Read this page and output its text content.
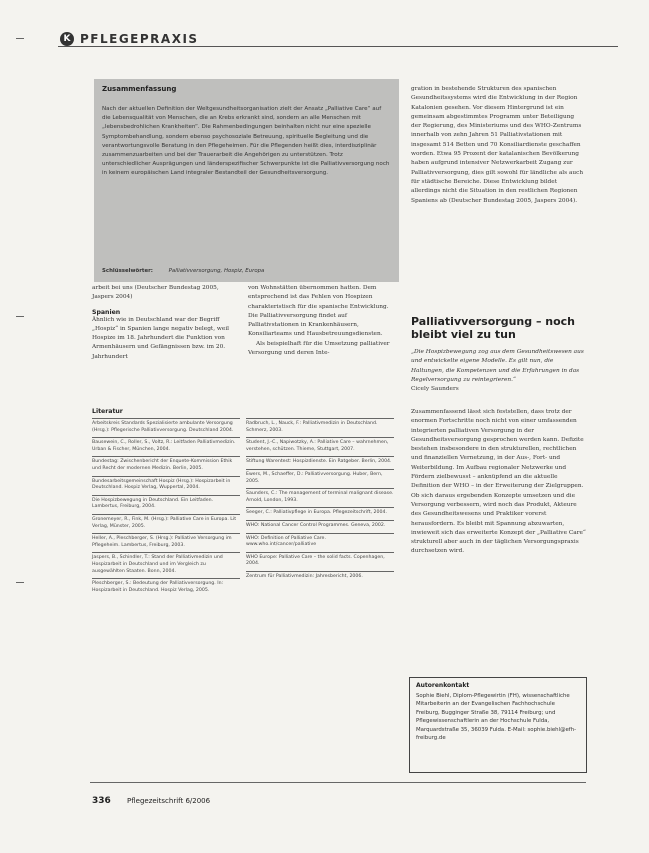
K PFLEGEPRAXIS
Zusammenfassung
Nach der aktuellen Definition der Weltgesundheitsorganisation zielt der Ansatz „Palliative Care“ auf die Lebensqualität von Menschen, die an Krebs erkrankt sind, sondern an alle Menschen mit „lebensbedrohlichen Krankheiten“. Die Rahmenbedingungen beinhalten nicht nur eine spezielle Symptombehandlung, sondern ebenso psychosoziale Betreuung, spirituelle Begleitung und die verantwortungsvolle Beratung in den Pflegeheimen. Für die Pflegenden heißt dies, interdisziplinär zusammenzuarbeiten und bei der Trauerarbeit die Angehörigen zu unterstützen. Trotz unterschiedlicher Ausprägungen und länderspezifischer Schwerpunkte ist die Palliativversorgung noch in keinem europäischen Land integraler Bestandteil der Gesundheitsversorgung.
Schlüsselwörter:	Palliativversorgung, Hospiz, Europa

arbeit bei uns (Deutscher Bundestag 2005, Jaspers 2004)

Spanien

Ähnlich wie in Deutschland war der Begriff „Hospiz“ in Spanien lange negativ belegt, weil Hospize im 18. Jahrhundert die Funktion von Armenhäusern und Gefängnissen bzw. im 20. Jahrhundert

von Wohnstätten übernommen hatten. Dem entsprechend ist das Fehlen von Hospizen charakteristisch für die spanische Entwicklung. Die Palliativversorgung findet auf Palliativstationen in Krankenhäusern, Konsiliarteams und Hausbetreuungsdiensten.

Als beispielhaft für die Umsetzung palliativer Versorgung und deren Inte-

gration in bestehende Strukturen des spanischen Gesundheitssystems wird die Entwicklung in der Region Katalonien gesehen. Vor diesem Hintergrund ist ein gemeinsam abgestimmtes Programm unter Beteiligung der Regierung, des Ministeriums und des WHO-Zentrums innerhalb von zehn Jahren 51 Palliativstationen mit insgesamt 514 Betten und 70 Konsiliardienste geschaffen worden. Etwa 95 Prozent der katalanischen Bevölkerung haben aufgrund intensiver Netzwerkarbeit Zugang zur Palliativversorgung, dies gilt sowohl für ländliche als auch für städtische Bereiche. Diese Entwicklung bildet allerdings nicht die Situation in den restlichen Regionen Spaniens ab (Deutscher Bundestag 2005, Jaspers 2004).

Palliativversorgung – noch bleibt viel zu tun
„Die Hospizbewegung zog aus dem Gesundheitswesen aus und entwickelte eigene Modelle. Es gilt nun, die Haltungen, die Kompetenzen und die Erfahrungen in das Regelversorgung zu reintegrieren.“
Cicely Saunders

Zusammenfassend lässt sich feststellen, dass trotz der enormen Fortschritte noch nicht von einer umfassenden integrierten palliativen Versorgung in der Gesundheitsversorgung gesprochen werden kann. Defizite bestehen insbesondere in den strukturellen, rechtlichen und finanziellen Vernetzung, in der Aus-, Fort- und Weiterbildung. Im Aufbau regionaler Netzwerke und Fördern zielbewusst – anknüpfend an die aktuelle Definition der WHO – in der Erweiterung der Zielgruppen. Ob sich daraus ergebenden Konzepte umsetzen und die Versorgung verbessern, wird noch das Produkt, Akteure des Gesundheitswesens und Praktiker vorerst herausfordern. Es bleibt mit Spannung abzuwarten, inwieweit sich das erweiterte Konzept der „Palliative Care“ strukturell aber auch in der täglichen Versorgungspraxis durchsetzen wird.

Literatur
Arbeitskreis Standards Spezialisierte ambulante Versorgung (Hrsg.): Pflegerische Palliativversorgung. Deutschland 2004.
Bausewein, C., Roller, S., Voltz, R.: Leitfaden Palliativmedizin. Urban & Fischer, München, 2004.
Bundestag: Zwischenbericht der Enquete-Kommission Ethik und Recht der modernen Medizin. Berlin, 2005.
Bundesarbeitsgemeinschaft Hospiz (Hrsg.): Hospizarbeit in Deutschland. Hospiz Verlag, Wuppertal, 2004.
Die Hospizbewegung in Deutschland. Ein Leitfaden. Lambertus, Freiburg, 2004.
Gronemeyer, R., Fink, M. (Hrsg.): Palliative Care in Europa. Lit Verlag, Münster, 2005.
Heller, A., Pleschberger, S. (Hrsg.): Palliative Versorgung im Pflegeheim. Lambertus, Freiburg, 2003.
Jaspers, B., Schindler, T.: Stand der Palliativmedizin und Hospizarbeit in Deutschland und im Vergleich zu ausgewählten Staaten. Bonn, 2004.
Pleschberger, S.: Bedeutung der Palliativversorgung. In: Hospizarbeit in Deutschland. Hospiz Verlag, 2005.
Radbruch, L., Nauck, F.: Palliativmedizin in Deutschland. Schmerz, 2003.
Student, J.-C., Napiwotzky, A.: Palliative Care – wahrnehmen, verstehen, schützen. Thieme, Stuttgart, 2007.
Stiftung Warentest: Hospizdienste. Ein Ratgeber. Berlin, 2004.
Ewers, M., Schaeffer, D.: Palliativversorgung. Huber, Bern, 2005.
Saunders, C.: The management of terminal malignant disease. Arnold, London, 1993.
Seeger, C.: Palliativpflege in Europa. Pflegezeitschrift, 2004.
WHO: National Cancer Control Programmes. Geneva, 2002.
WHO: Definition of Palliative Care. www.who.int/cancer/palliative
WHO Europe: Palliative Care – the solid facts. Copenhagen, 2004.
Zentrum für Palliativmedizin: Jahresbericht, 2006.
Autorenkontakt
Sophie Biehl, Diplom-Pflegewirtin (FH), wissenschaftliche Mitarbeiterin an der Evangelischen Fachhochschule Freiburg, Bugginger Straße 38, 79114 Freiburg; und Pflegewissenschaftlerin an der Hochschule Fulda, Marquardstraße 35, 36039 Fulda. E-Mail: sophie.biehl@efh-freiburg.de
336 Pflegezeitschrift 6/2006
